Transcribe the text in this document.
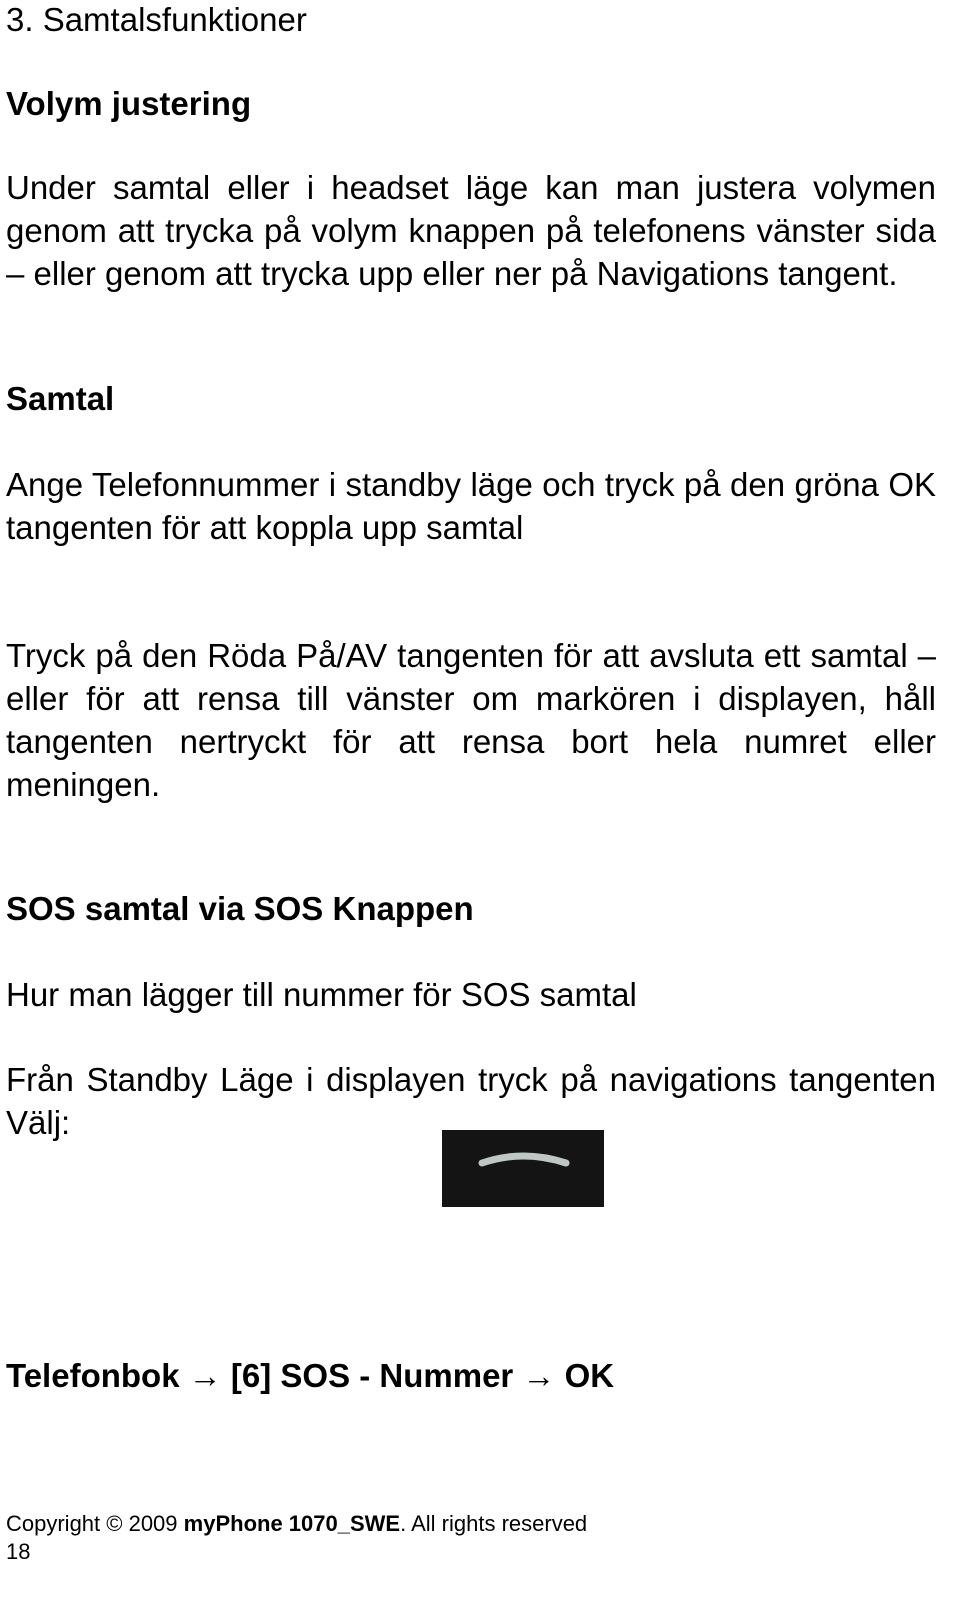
3. Samtalsfunktioner
Volym justering
Under samtal eller i headset läge kan man justera volymen genom att trycka på volym knappen på telefonens vänster sida – eller genom att trycka upp eller ner på Navigations tangent.
Samtal
Ange Telefonnummer i standby läge och tryck på den gröna OK tangenten för att koppla upp samtal
Tryck på den Röda På/AV tangenten för att avsluta ett samtal – eller för att rensa till vänster om markören i displayen, håll tangenten nertryckt för att rensa bort hela numret eller meningen.
SOS samtal via SOS Knappen
Hur man lägger till nummer för SOS samtal
Från Standby Läge i displayen tryck på navigations tangenten Välj:
Telefonbok → [6] SOS - Nummer → OK
Copyright © 2009 myPhone 1070_SWE. All rights reserved
18
